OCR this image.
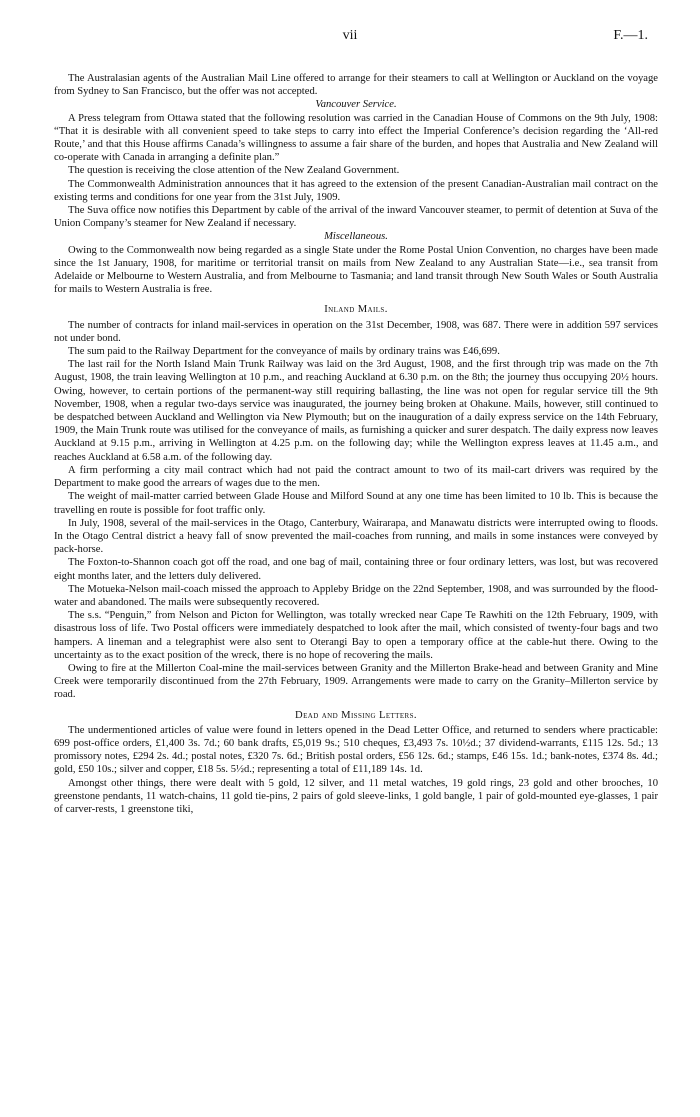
vii	F.—1.

The Australasian agents of the Australian Mail Line offered to arrange for their steamers to call at Wellington or Auckland on the voyage from Sydney to San Francisco, but the offer was not accepted.

Vancouver Service.

A Press telegram from Ottawa stated that the following resolution was carried in the Canadian House of Commons on the 9th July, 1908: “That it is desirable with all convenient speed to take steps to carry into effect the Imperial Conference’s decision regarding the ‘All-red Route,’ and that this House affirms Canada’s willingness to assume a fair share of the burden, and hopes that Australia and New Zealand will co-operate with Canada in arranging a definite plan.”

The question is receiving the close attention of the New Zealand Government.

The Commonwealth Administration announces that it has agreed to the extension of the present Canadian-Australian mail contract on the existing terms and conditions for one year from the 31st July, 1909.

The Suva office now notifies this Department by cable of the arrival of the inward Vancouver steamer, to permit of detention at Suva of the Union Company’s steamer for New Zealand if necessary.

Miscellaneous.

Owing to the Commonwealth now being regarded as a single State under the Rome Postal Union Convention, no charges have been made since the 1st January, 1908, for maritime or territorial transit on mails from New Zealand to any Australian State—i.e., sea transit from Adelaide or Melbourne to Western Australia, and from Melbourne to Tasmania; and land transit through New South Wales or South Australia for mails to Western Australia is free.

Inland Mails.

The number of contracts for inland mail-services in operation on the 31st December, 1908, was 687. There were in addition 597 services not under bond.

The sum paid to the Railway Department for the conveyance of mails by ordinary trains was £46,699.

The last rail for the North Island Main Trunk Railway was laid on the 3rd August, 1908, and the first through trip was made on the 7th August, 1908, the train leaving Wellington at 10 p.m., and reaching Auckland at 6.30 p.m. on the 8th; the journey thus occupying 20½ hours. Owing, however, to certain portions of the permanent-way still requiring ballasting, the line was not open for regular service till the 9th November, 1908, when a regular two-days service was inaugurated, the journey being broken at Ohakune. Mails, however, still continued to be despatched between Auckland and Wellington via New Plymouth; but on the inauguration of a daily express service on the 14th February, 1909, the Main Trunk route was utilised for the conveyance of mails, as furnishing a quicker and surer despatch. The daily express now leaves Auckland at 9.15 p.m., arriving in Wellington at 4.25 p.m. on the following day; while the Wellington express leaves at 11.45 a.m., and reaches Auckland at 6.58 a.m. of the following day.

A firm performing a city mail contract which had not paid the contract amount to two of its mail-cart drivers was required by the Department to make good the arrears of wages due to the men.

The weight of mail-matter carried between Glade House and Milford Sound at any one time has been limited to 10 lb. This is because the travelling en route is possible for foot traffic only.

In July, 1908, several of the mail-services in the Otago, Canterbury, Wairarapa, and Manawatu districts were interrupted owing to floods. In the Otago Central district a heavy fall of snow prevented the mail-coaches from running, and mails in some instances were conveyed by pack-horse.

The Foxton-to-Shannon coach got off the road, and one bag of mail, containing three or four ordinary letters, was lost, but was recovered eight months later, and the letters duly delivered.

The Motueka-Nelson mail-coach missed the approach to Appleby Bridge on the 22nd September, 1908, and was surrounded by the flood-water and abandoned. The mails were subsequently recovered.

The s.s. “Penguin,” from Nelson and Picton for Wellington, was totally wrecked near Cape Te Rawhiti on the 12th February, 1909, with disastrous loss of life. Two Postal officers were immediately despatched to look after the mail, which consisted of twenty-four bags and two hampers. A lineman and a telegraphist were also sent to Oterangi Bay to open a temporary office at the cable-hut there. Owing to the uncertainty as to the exact position of the wreck, there is no hope of recovering the mails.

Owing to fire at the Millerton Coal-mine the mail-services between Granity and the Millerton Brake-head and between Granity and Mine Creek were temporarily discontinued from the 27th February, 1909. Arrangements were made to carry on the Granity–Millerton service by road.

Dead and Missing Letters.

The undermentioned articles of value were found in letters opened in the Dead Letter Office, and returned to senders where practicable: 699 post-office orders, £1,400 3s. 7d.; 60 bank drafts, £5,019 9s.; 510 cheques, £3,493 7s. 10½d.; 37 dividend-warrants, £115 12s. 5d.; 13 promissory notes, £294 2s. 4d.; postal notes, £320 7s. 6d.; British postal orders, £56 12s. 6d.; stamps, £46 15s. 1d.; bank-notes, £374 8s. 4d.; gold, £50 10s.; silver and copper, £18 5s. 5½d.; representing a total of £11,189 14s. 1d.

Amongst other things, there were dealt with 5 gold, 12 silver, and 11 metal watches, 19 gold rings, 23 gold and other brooches, 10 greenstone pendants, 11 watch-chains, 11 gold tie-pins, 2 pairs of gold sleeve-links, 1 gold bangle, 1 pair of gold-mounted eye-glasses, 1 pair of carver-rests, 1 greenstone tiki,
